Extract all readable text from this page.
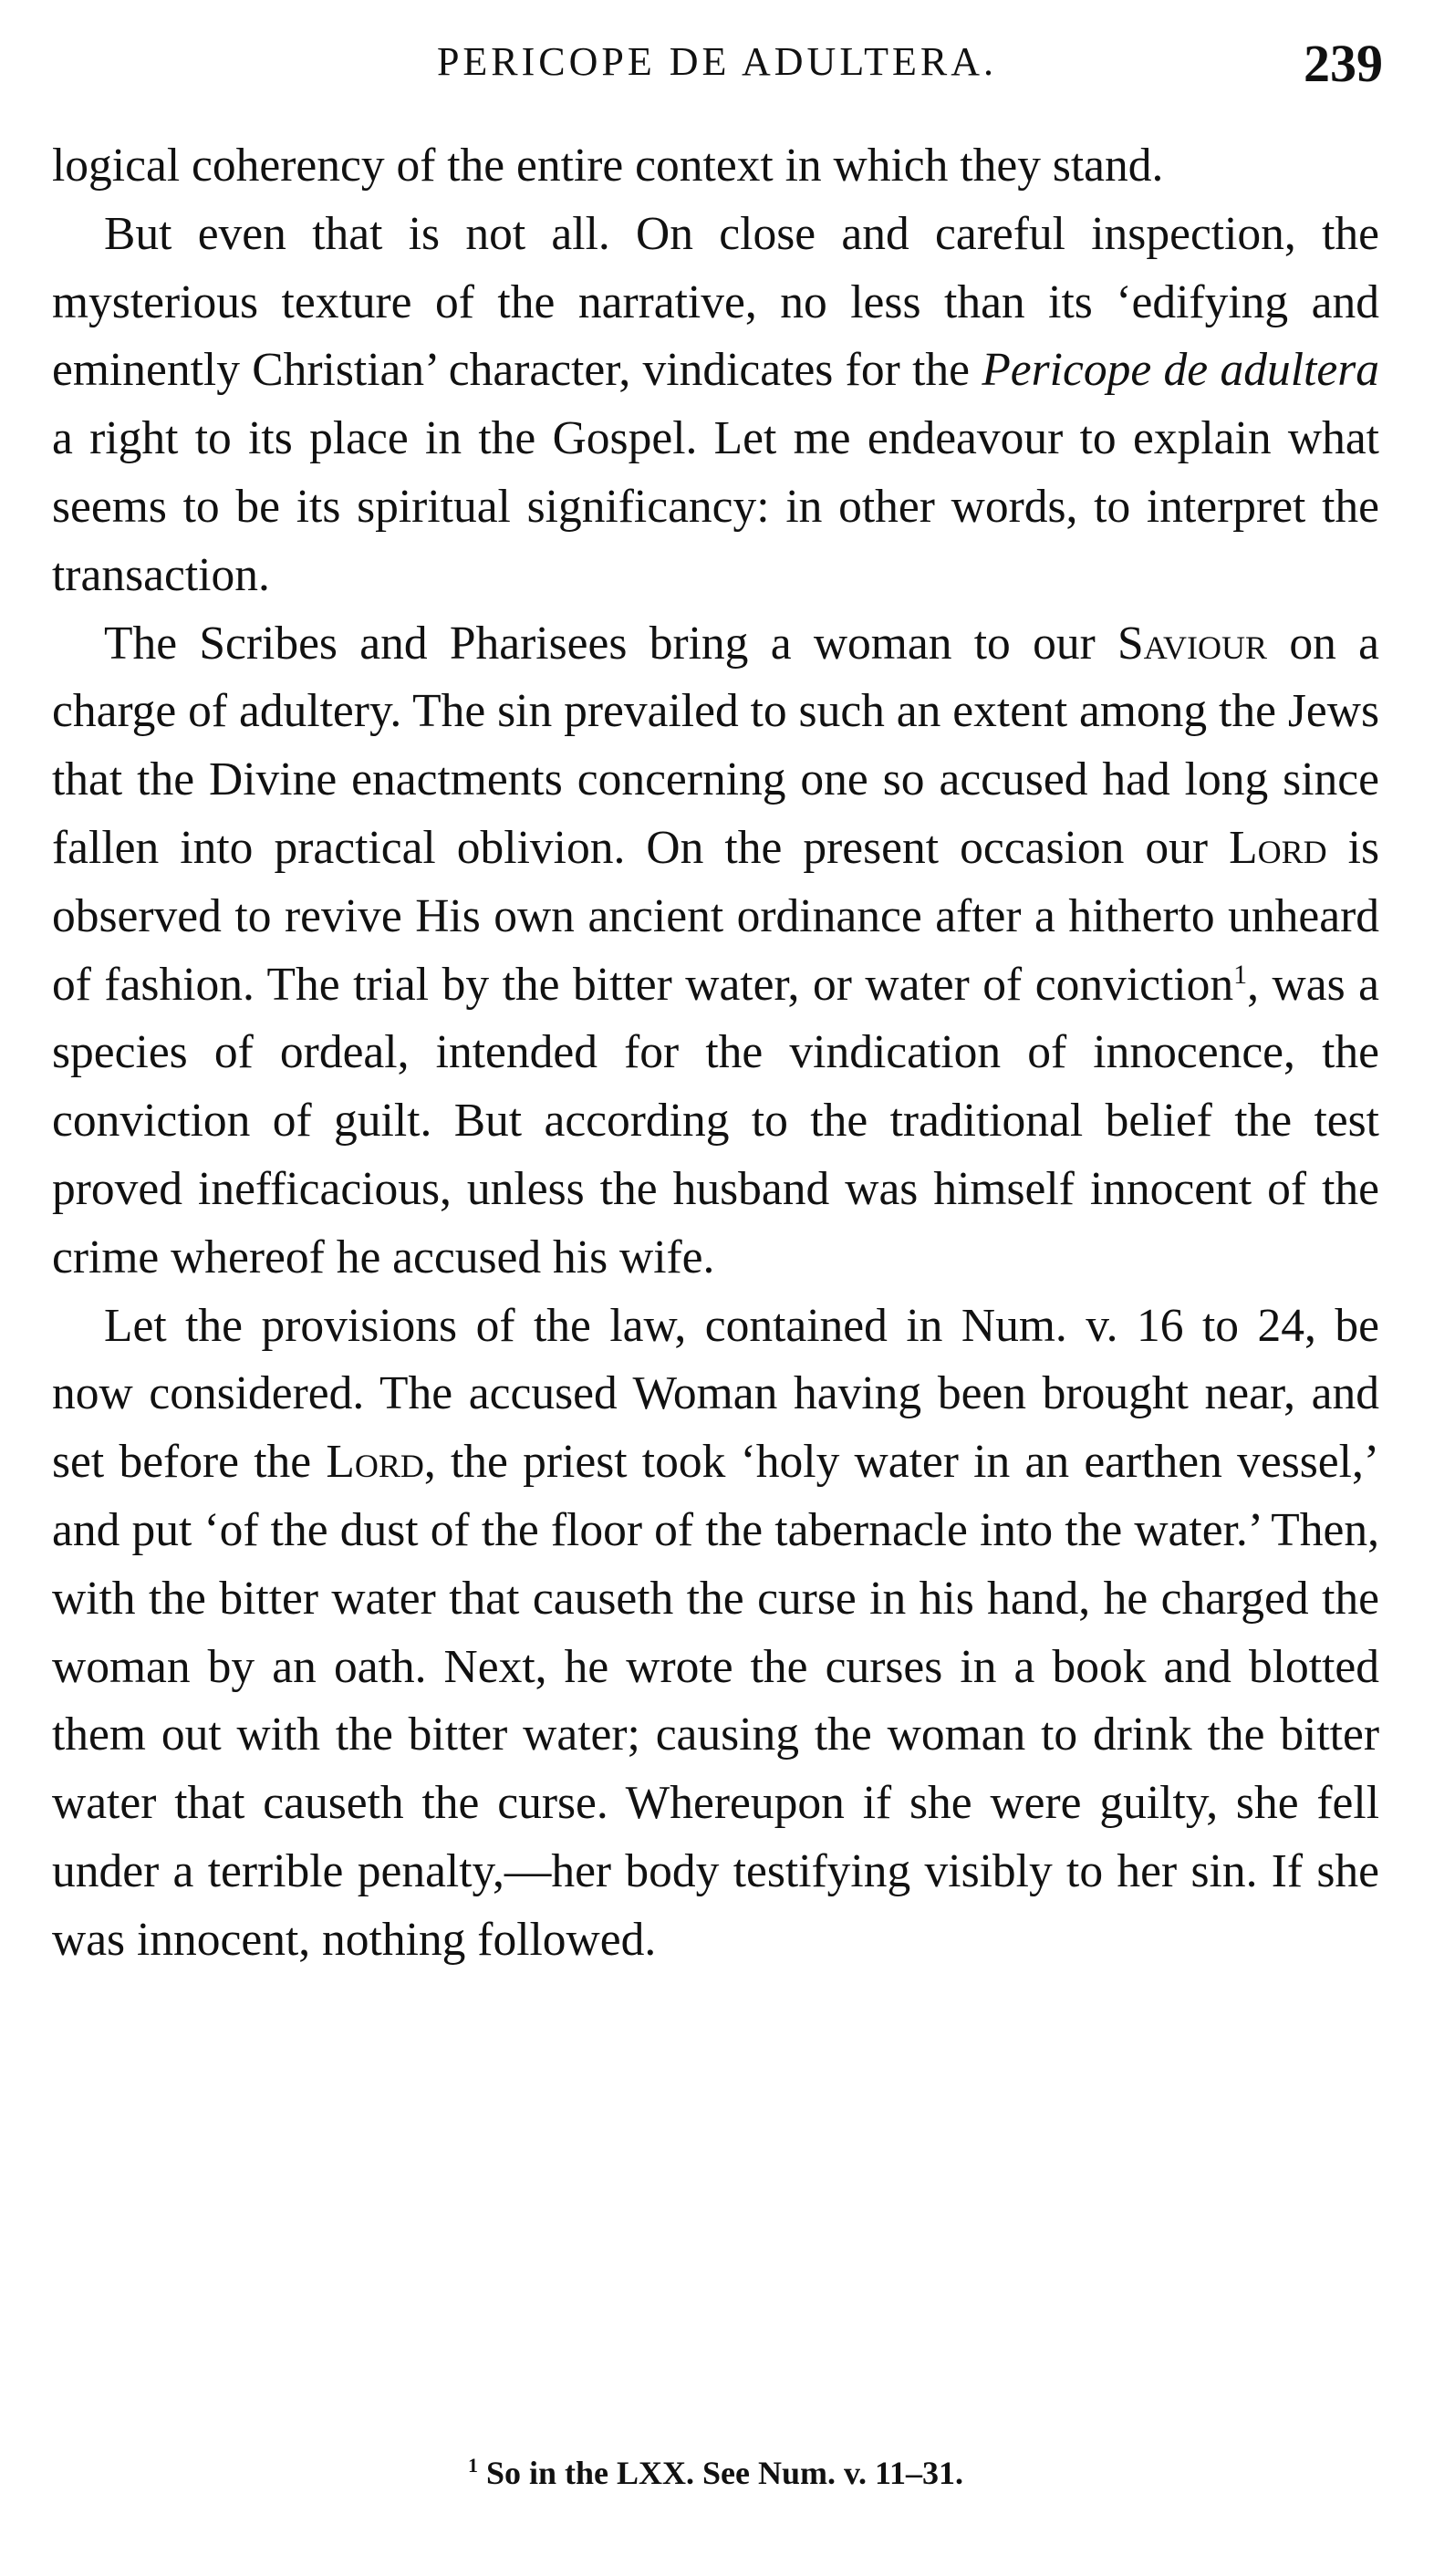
PERICOPE DE ADULTERA.	239

logical coherency of the entire context in which they stand.

But even that is not all. On close and careful inspection, the mysterious texture of the narrative, no less than its ‘edifying and eminently Christian’ character, vindicates for the Pericope de adultera a right to its place in the Gospel. Let me endeavour to explain what seems to be its spiritual significancy: in other words, to interpret the transaction.

The Scribes and Pharisees bring a woman to our Saviour on a charge of adultery. The sin prevailed to such an extent among the Jews that the Divine enactments concerning one so accused had long since fallen into practical oblivion. On the present occasion our Lord is observed to revive His own ancient ordinance after a hitherto unheard of fashion. The trial by the bitter water, or water of conviction$^1$, was a species of ordeal, intended for the vindication of innocence, the conviction of guilt. But according to the traditional belief the test proved inefficacious, unless the husband was himself innocent of the crime whereof he accused his wife.

Let the provisions of the law, contained in Num. v. 16 to 24, be now considered. The accused Woman having been brought near, and set before the Lord, the priest took ‘holy water in an earthen vessel,’ and put ‘of the dust of the floor of the tabernacle into the water.’ Then, with the bitter water that causeth the curse in his hand, he charged the woman by an oath. Next, he wrote the curses in a book and blotted them out with the bitter water; causing the woman to drink the bitter water that causeth the curse. Whereupon if she were guilty, she fell under a terrible penalty,—her body testifying visibly to her sin. If she was innocent, nothing followed.

$^1$ So in the LXX. See Num. v. 11–31.
